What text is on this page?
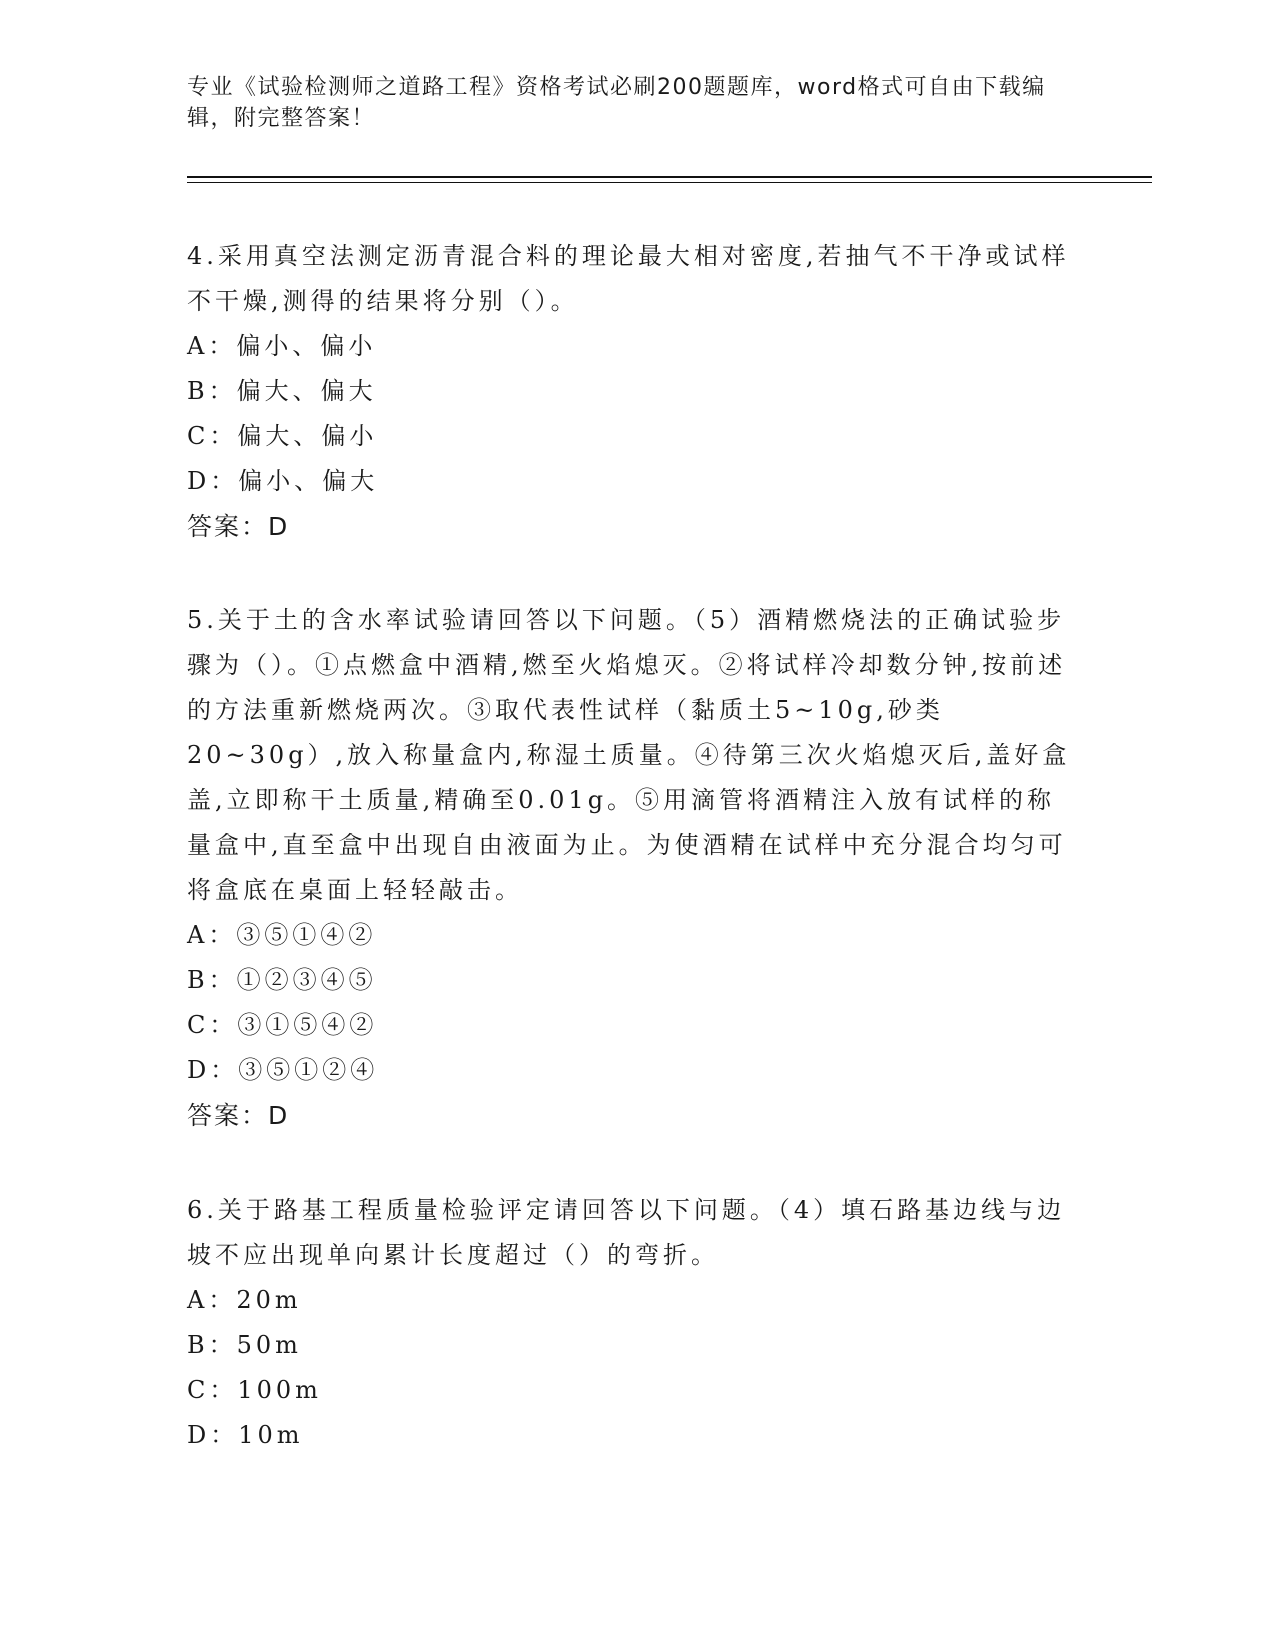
专业《试验检测师之道路工程》资格考试必刷200题题库，word格式可自由下载编辑，附完整答案！

4.采用真空法测定沥青混合料的理论最大相对密度,若抽气不干净或试样不干燥,测得的结果将分别（）。

A：偏小、偏小

B：偏大、偏大

C：偏大、偏小

D：偏小、偏大

答案：D

5.关于土的含水率试验请回答以下问题。（5）酒精燃烧法的正确试验步骤为（）。①点燃盒中酒精,燃至火焰熄灭。②将试样冷却数分钟,按前述的方法重新燃烧两次。③取代表性试样（黏质土5~10g,砂类20~30g）,放入称量盒内,称湿土质量。④待第三次火焰熄灭后,盖好盒盖,立即称干土质量,精确至0.01g。⑤用滴管将酒精注入放有试样的称量盒中,直至盒中出现自由液面为止。为使酒精在试样中充分混合均匀可将盒底在桌面上轻轻敲击。

A：③⑤①④②

B：①②③④⑤

C：③①⑤④②

D：③⑤①②④

答案：D

6.关于路基工程质量检验评定请回答以下问题。（4）填石路基边线与边坡不应出现单向累计长度超过（）的弯折。

A：20m

B：50m

C：100m

D：10m
